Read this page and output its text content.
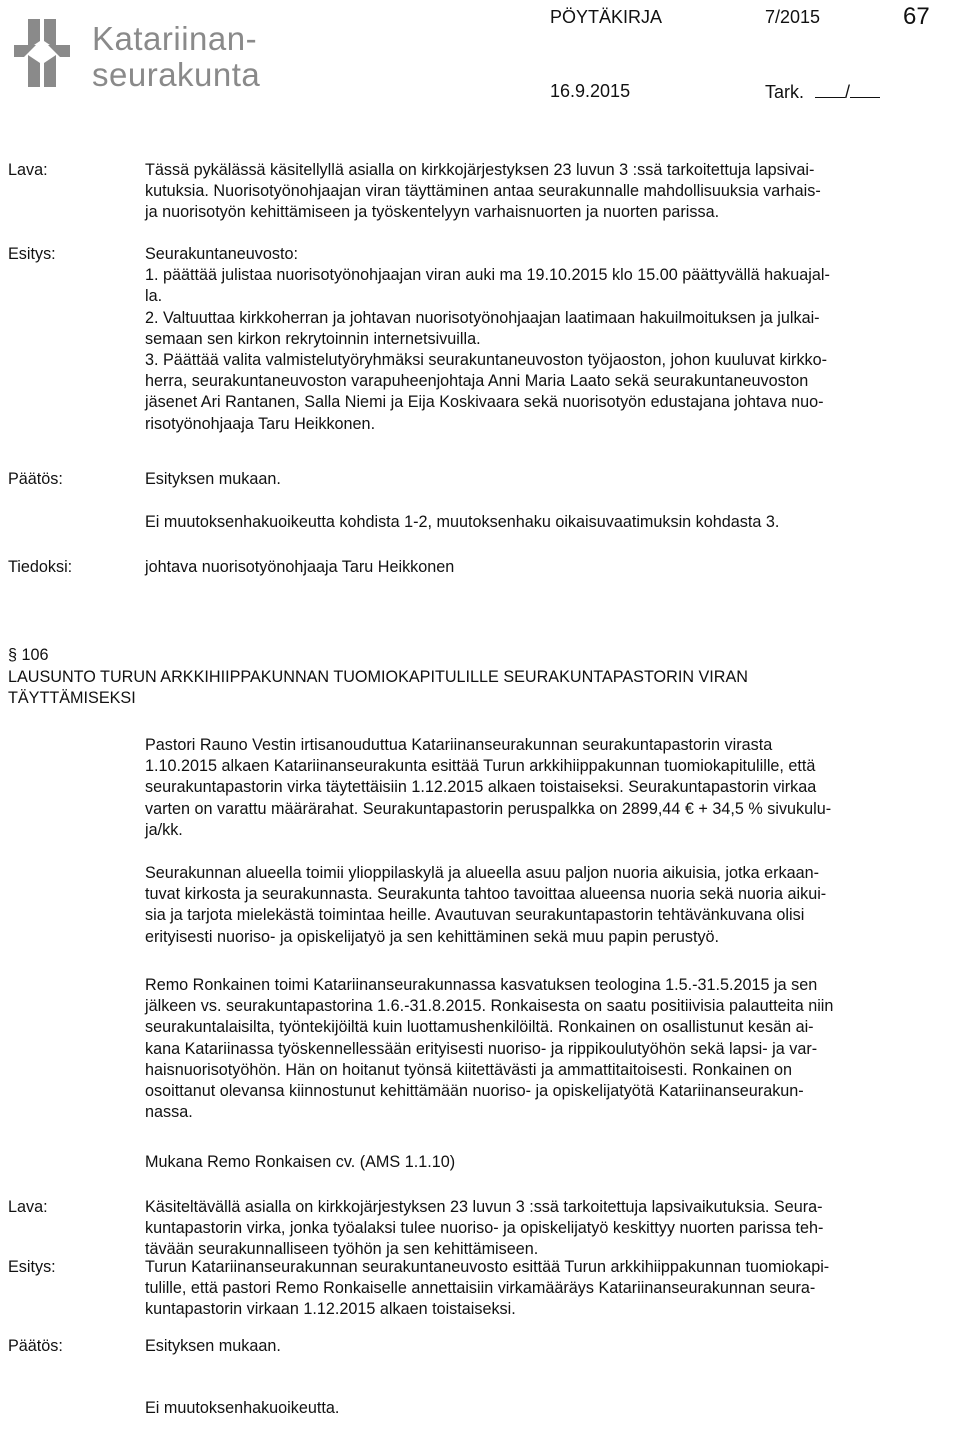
Katariinan-
seurakunta
PÖYTÄKIRJA	7/2015	67
16.9.2015	Tark. /
Lava:	Tässä pykälässä käsitellyllä asialla on kirkkojärjestyksen 23 luvun 3 :ssä tarkoitettuja lapsivai-
kutuksia. Nuorisotyönohjaajan viran täyttäminen antaa seurakunnalle mahdollisuuksia varhais-
ja nuorisotyön kehittämiseen ja työskentelyyn varhaisnuorten ja nuorten parissa.
Esitys:	Seurakuntaneuvosto:
1. päättää julistaa nuorisotyönohjaajan viran auki ma 19.10.2015 klo 15.00 päättyvällä hakuajal-
la.
2. Valtuuttaa kirkkoherran ja johtavan nuorisotyönohjaajan laatimaan hakuilmoituksen ja julkai-
semaan sen kirkon rekrytoinnin internetsivuilla.
3. Päättää valita valmistelutyöryhmäksi seurakuntaneuvoston työjaoston, johon kuuluvat kirkko-
herra, seurakuntaneuvoston varapuheenjohtaja Anni Maria Laato sekä seurakuntaneuvoston
jäsenet Ari Rantanen, Salla Niemi ja Eija Koskivaara sekä nuorisotyön edustajana johtava nuo-
risotyönohjaaja Taru Heikkonen.
Päätös:	Esityksen mukaan.
Ei muutoksenhakuoikeutta kohdista 1-2, muutoksenhaku oikaisuvaatimuksin kohdasta 3.
Tiedoksi:	johtava nuorisotyönohjaaja Taru Heikkonen
§ 106
LAUSUNTO TURUN ARKKIHIIPPAKUNNAN TUOMIOKAPITULILLE SEURAKUNTAPASTORIN VIRAN
TÄYTTÄMISEKSI
Pastori Rauno Vestin irtisanouduttua Katariinanseurakunnan seurakuntapastorin virasta
1.10.2015 alkaen Katariinanseurakunta esittää Turun arkkihiippakunnan tuomiokapitulille, että
seurakuntapastorin virka täytettäisiin 1.12.2015 alkaen toistaiseksi. Seurakuntapastorin virkaa
varten on varattu määrärahat. Seurakuntapastorin peruspalkka on 2899,44 € + 34,5 % sivukulu-
ja/kk.
Seurakunnan alueella toimii ylioppilaskylä ja alueella asuu paljon nuoria aikuisia, jotka erkaan-
tuvat kirkosta ja seurakunnasta. Seurakunta tahtoo tavoittaa alueensa nuoria sekä nuoria aikui-
sia ja tarjota mielekästä toimintaa heille. Avautuvan seurakuntapastorin tehtävänkuvana olisi
erityisesti nuoriso- ja opiskelijatyö ja sen kehittäminen sekä muu papin perustyö.
Remo Ronkainen toimi Katariinanseurakunnassa kasvatuksen teologina 1.5.-31.5.2015 ja sen
jälkeen vs. seurakuntapastorina 1.6.-31.8.2015. Ronkaisesta on saatu positiivisia palautteita niin
seurakuntalaisilta, työntekijöiltä kuin luottamushenkilöiltä. Ronkainen on osallistunut kesän ai-
kana Katariinassa työskennellessään erityisesti nuoriso- ja rippikoulutyöhön sekä lapsi- ja var-
haisnuorisotyöhön. Hän on hoitanut työnsä kiitettävästi ja ammattitaitoisesti. Ronkainen on
osoittanut olevansa kiinnostunut kehittämään nuoriso- ja opiskelijatyötä Katariinanseurakun-
nassa.
Mukana Remo Ronkaisen cv. (AMS 1.1.10)
Lava:	Käsiteltävällä asialla on kirkkojärjestyksen 23 luvun 3 :ssä tarkoitettuja lapsivaikutuksia. Seura-
kuntapastorin virka, jonka työalaksi tulee nuoriso- ja opiskelijatyö keskittyy nuorten parissa teh-
tävään seurakunnalliseen työhön ja sen kehittämiseen.
Esitys:	Turun Katariinanseurakunnan seurakuntaneuvosto esittää Turun arkkihiippakunnan tuomiokapi-
tulille, että pastori Remo Ronkaiselle annettaisiin virkamääräys Katariinanseurakunnan seura-
kuntapastorin virkaan 1.12.2015 alkaen toistaiseksi.
Päätös:	Esityksen mukaan.
Ei muutoksenhakuoikeutta.
